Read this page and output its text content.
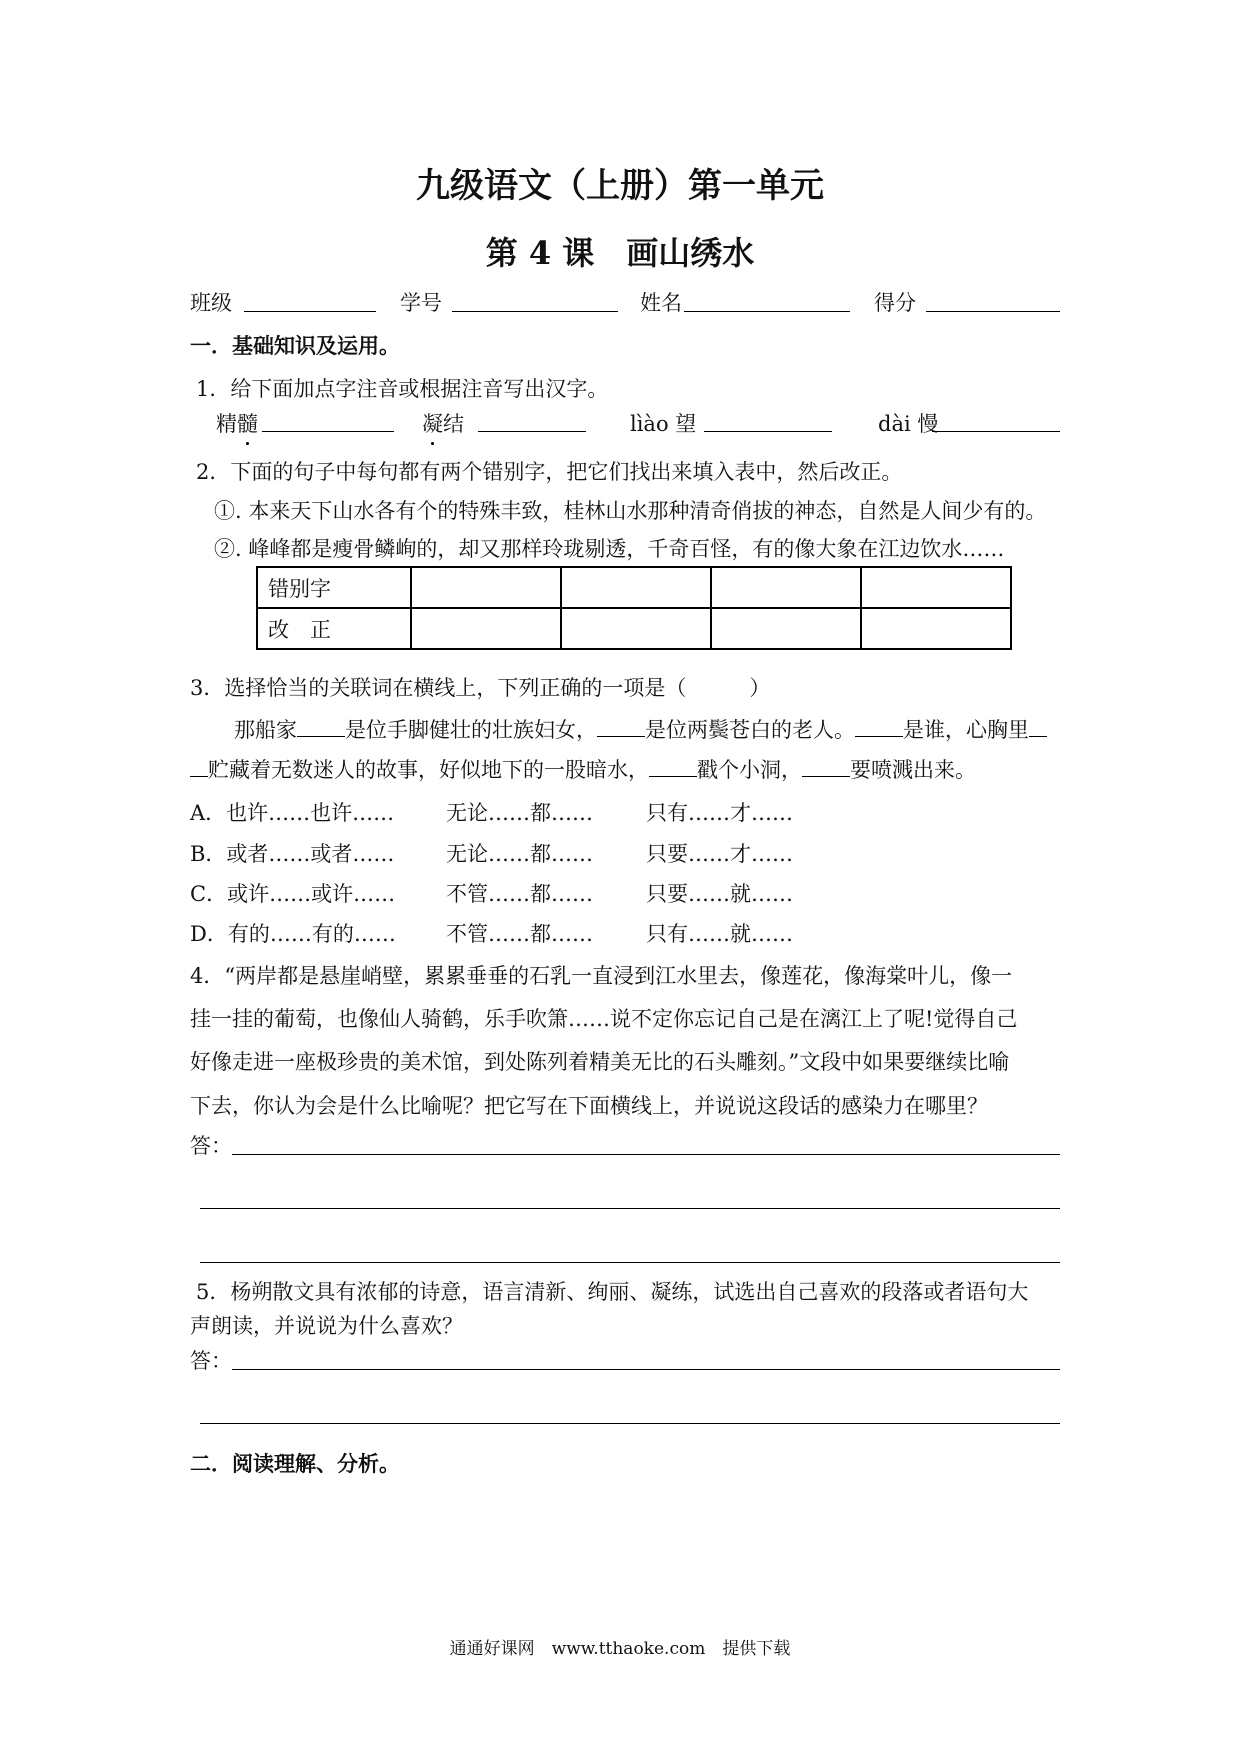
九级语文（上册）第一单元
第 4 课　画山绣水
班级	学号	姓名	得分
一．基础知识及运用。
1．给下面加点字注音或根据注音写出汉字。
精髓	凝结	lìào 望	dài 慢
2．下面的句子中每句都有两个错别字，把它们找出来填入表中，然后改正。
①. 本来天下山水各有个的特殊丰致，桂林山水那种清奇俏拔的神态，自然是人间少有的。
②. 峰峰都是瘦骨鳞峋的，却又那样玲珑剔透，千奇百怪，有的像大象在江边饮水……
错别字				
改　正				
3．选择恰当的关联词在横线上，下列正确的一项是（　　　）
那船家 是位手脚健壮的壮族妇女， 是位两鬓苍白的老人。 是谁，心胸里
贮藏着无数迷人的故事，好似地下的一股暗水， 戳个小洞， 要喷溅出来。
A．也许……也许…… 无论……都……	只有……才……
B．或者……或者…… 无论……都……	只要……才……
C．或许……或许…… 不管……都……	只要……就……
D．有的……有的…… 不管……都……	只有……就……
4．“两岸都是悬崖峭壁，累累垂垂的石乳一直浸到江水里去，像莲花，像海棠叶儿，像一
挂一挂的葡萄，也像仙人骑鹤，乐手吹箫……说不定你忘记自己是在漓江上了呢!觉得自己
好像走进一座极珍贵的美术馆，到处陈列着精美无比的石头雕刻。”文段中如果要继续比喻
下去，你认为会是什么比喻呢？把它写在下面横线上，并说说这段话的感染力在哪里？
答：
5．杨朔散文具有浓郁的诗意，语言清新、绚丽、凝练，试选出自己喜欢的段落或者语句大
声朗读，并说说为什么喜欢？
答：
二．阅读理解、分析。
通通好课网　www.tthaoke.com　提供下载
